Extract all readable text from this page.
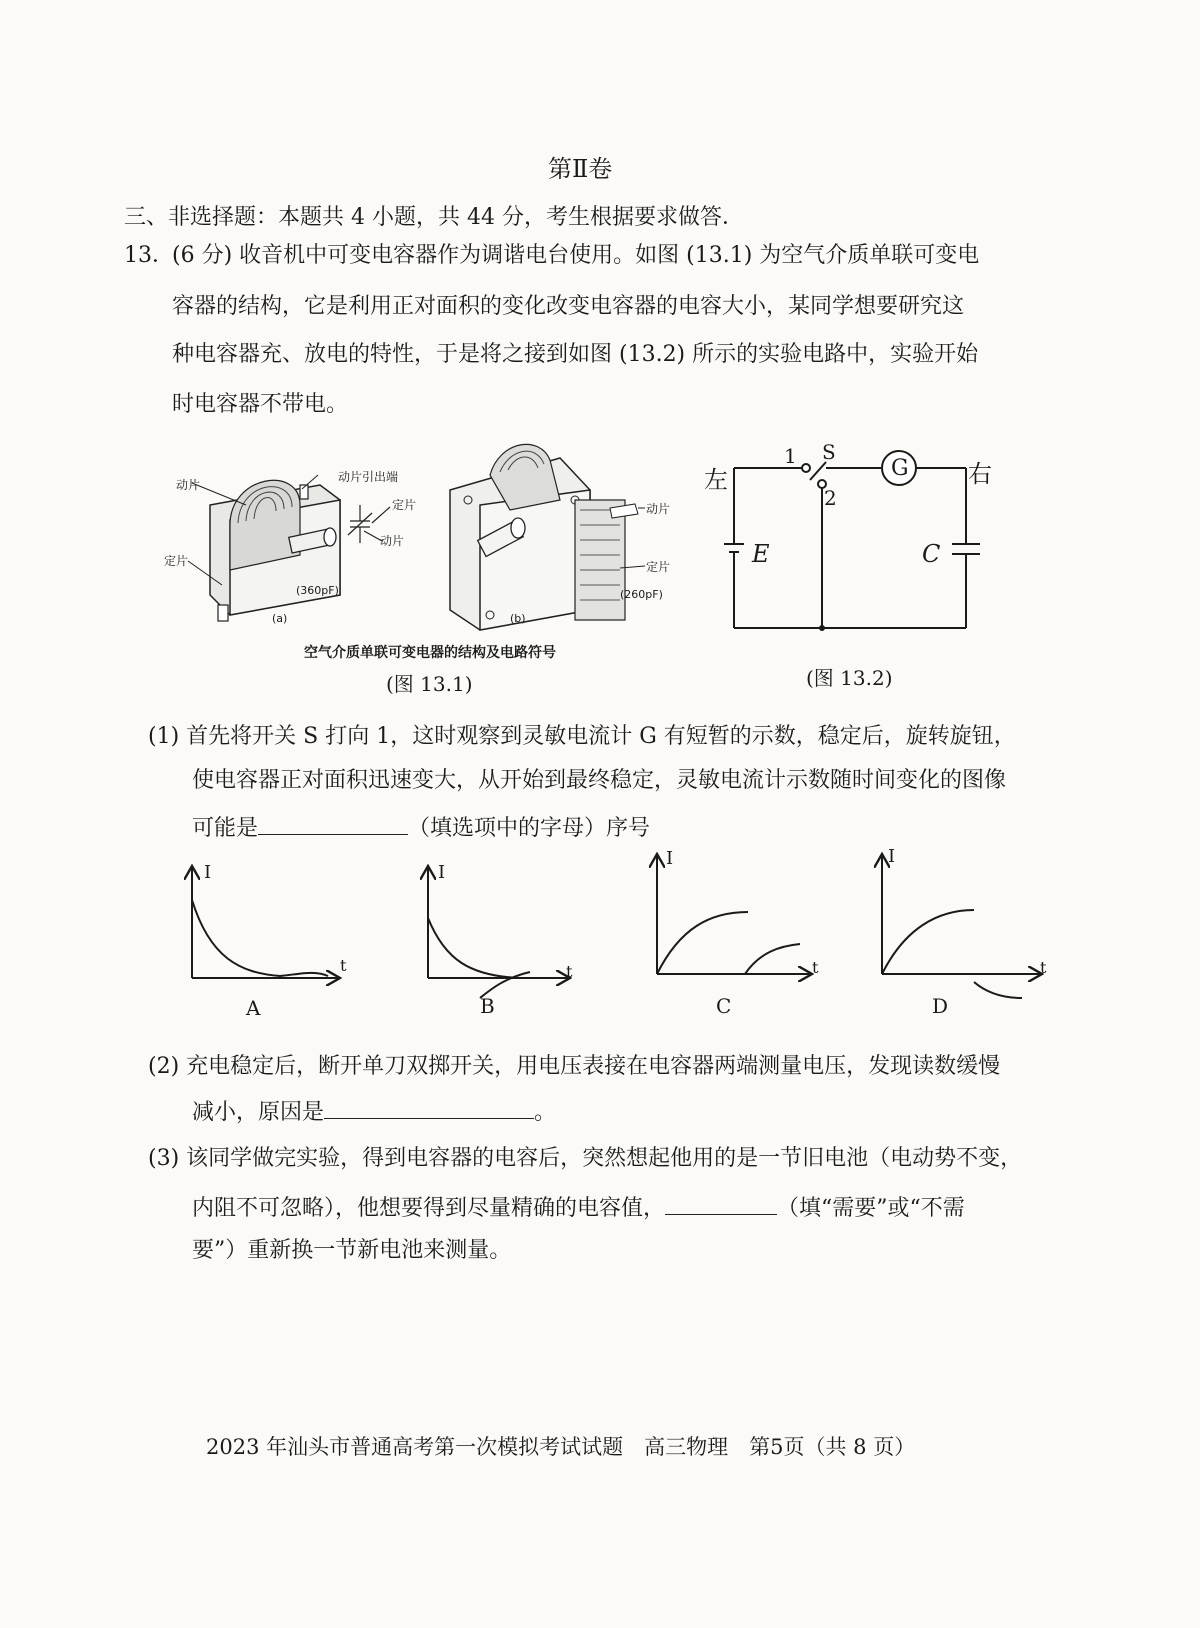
第Ⅱ卷
三、非选择题：本题共 4 小题，共 44 分，考生根据要求做答．
13．
(6 分) 收音机中可变电容器作为调谐电台使用。如图 (13.1) 为空气介质单联可变电
容器的结构，它是利用正对面积的变化改变电容器的电容大小，某同学想要研究这
种电容器充、放电的特性，于是将之接到如图 (13.2) 所示的实验电路中，实验开始
时电容器不带电。
动片
动片引出端
定片
定片
动片
(360pF)
(a)
动片
定片
(260pF)
(b)
空气介质单联可变电器的结构及电路符号
(图 13.1)
左	右
1 S
2
G
E	C
(图 13.2)
(1) 首先将开关 S 打向 1，这时观察到灵敏电流计 G 有短暂的示数，稳定后，旋转旋钮，
使电容器正对面积迅速变大，从开始到最终稳定，灵敏电流计示数随时间变化的图像
可能是	（填选项中的字母）序号
I
t
I
t
I
t
I
t
A	B	C	D
(2) 充电稳定后，断开单刀双掷开关，用电压表接在电容器两端测量电压，发现读数缓慢
减小，原因是	。
(3) 该同学做完实验，得到电容器的电容后，突然想起他用的是一节旧电池（电动势不变，
内阻不可忽略），他想要得到尽量精确的电容值，	（填“需要”或“不需
要”）重新换一节新电池来测量。
2023 年汕头市普通高考第一次模拟考试试题　高三物理　第5页（共 8 页）
